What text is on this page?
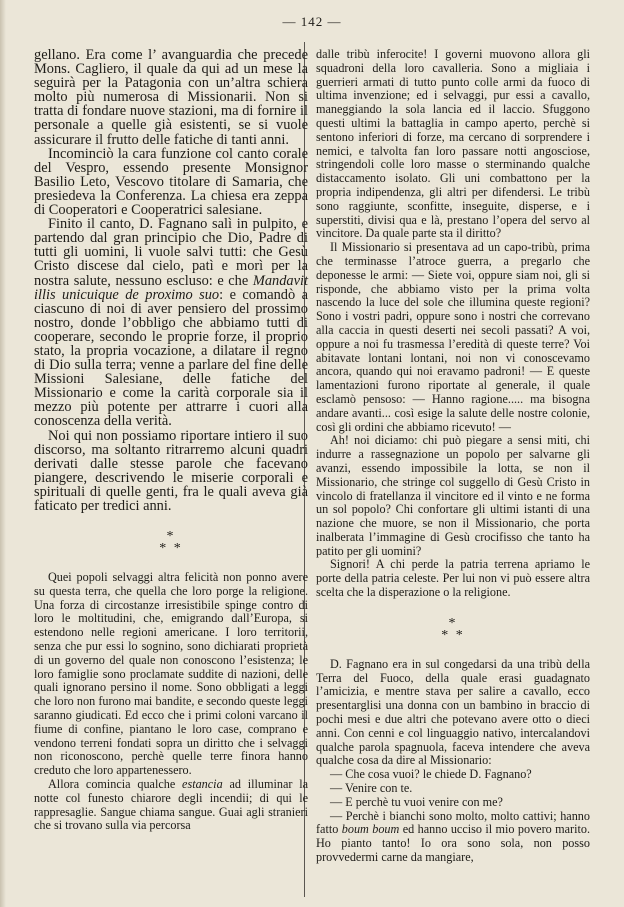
— 142 —

gellano. Era come l’ avanguardia che precede Mons. Cagliero, il quale da qui ad un mese la seguirà per la Patagonia con un’altra schiera molto più numerosa di Missionarii. Non si tratta di fondare nuove stazioni, ma di fornire il personale a quelle già esistenti, se si vuole assicurare il frutto delle fatiche di tanti anni.

Incominciò la cara funzione col canto corale del Vespro, essendo presente Monsignor Basilio Leto, Vescovo titolare di Samaria, che presiedeva la Conferenza. La chiesa era zeppa di Cooperatori e Cooperatrici salesiane.

Finito il canto, D. Fagnano salì in pulpito, e partendo dal gran principio che Dio, Padre di tutti gli uomini, li vuole salvi tutti: che Gesù Cristo discese dal cielo, patì e morì per la nostra salute, nessuno escluso: e che Mandavit illis unicuique de proximo suo: e comandò a ciascuno di noi di aver pensiero del prossimo nostro, donde l’obbligo che abbiamo tutti di cooperare, secondo le proprie forze, il proprio stato, la propria vocazione, a dilatare il regno di Dio sulla terra; venne a parlare del fine delle Missioni Salesiane, delle fatiche del Missionario e come la carità corporale sia il mezzo più potente per attrarre i cuori alla conoscenza della verità.

Noi qui non possiamo riportare intiero il suo discorso, ma soltanto ritrarremo alcuni quadri derivati dalle stesse parole che facevano piangere, descrivendo le miserie corporali e spirituali di quelle genti, fra le quali aveva già faticato per tredici anni.

*
* *

Quei popoli selvaggi altra felicità non ponno avere su questa terra, che quella che loro porge la religione. Una forza di circostanze irresistibile spinge contro di loro le moltitudini, che, emigrando dall’Europa, si estendono nelle regioni americane. I loro territorii, senza che pur essi lo sognino, sono dichiarati proprietà di un governo del quale non conoscono l’esistenza; le loro famiglie sono proclamate suddite di nazioni, delle quali ignorano persino il nome. Sono obbligati a leggi che loro non furono mai bandite, e secondo queste leggi saranno giudicati. Ed ecco che i primi coloni varcano il fiume di confine, piantano le loro case, comprano e vendono terreni fondati sopra un diritto che i selvaggi non riconoscono, perchè quelle terre finora hanno creduto che loro appartenessero.

Allora comincia qualche estancia ad illuminar la notte col funesto chiarore degli incendii; di qui le rappresaglie. Sangue chiama sangue. Guai agli stranieri che si trovano sulla via percorsa

dalle tribù inferocite! I governi muovono allora gli squadroni della loro cavalleria. Sono a migliaia i guerrieri armati di tutto punto colle armi da fuoco di ultima invenzione; ed i selvaggi, pur essi a cavallo, maneggiando la sola lancia ed il laccio. Sfuggono questi ultimi la battaglia in campo aperto, perchè si sentono inferiori di forze, ma cercano di sorprendere i nemici, e talvolta fan loro passare notti angosciose, stringendoli colle loro masse o sterminando qualche distaccamento isolato. Gli uni combattono per la propria indipendenza, gli altri per difendersi. Le tribù sono raggiunte, sconfitte, inseguite, disperse, e i superstiti, divisi qua e là, prestano l’opera del servo al vincitore. Da quale parte sta il diritto?

Il Missionario si presentava ad un capo-tribù, prima che terminasse l’atroce guerra, a pregarlo che deponesse le armi: — Siete voi, oppure siam noi, gli si risponde, che abbiamo visto per la prima volta nascendo la luce del sole che illumina queste regioni? Sono i vostri padri, oppure sono i nostri che correvano alla caccia in questi deserti nei secoli passati? A voi, oppure a noi fu trasmessa l’eredità di queste terre? Voi abitavate lontani lontani, noi non vi conoscevamo ancora, quando qui noi eravamo padroni! — E queste lamentazioni furono riportate al generale, il quale esclamò pensoso: — Hanno ragione..... ma bisogna andare avanti... così esige la salute delle nostre colonie, così gli ordini che abbiamo ricevuto! —

Ah! noi diciamo: chi può piegare a sensi miti, chi indurre a rassegnazione un popolo per salvarne gli avanzi, essendo impossibile la lotta, se non il Missionario, che stringe col suggello di Gesù Cristo in vincolo di fratellanza il vincitore ed il vinto e ne forma un sol popolo? Chi confortare gli ultimi istanti di una nazione che muore, se non il Missionario, che porta inalberata l’immagine di Gesù crocifisso che tanto ha patito per gli uomini?

Signori! A chi perde la patria terrena apriamo le porte della patria celeste. Per lui non vi può essere altra scelta che la disperazione o la religione.

*
* *

D. Fagnano era in sul congedarsi da una tribù della Terra del Fuoco, della quale erasi guadagnato l’amicizia, e mentre stava per salire a cavallo, ecco presentarglisi una donna con un bambino in braccio di pochi mesi e due altri che potevano avere otto o dieci anni. Con cenni e col linguaggio nativo, intercalandovi qualche parola spagnuola, faceva intendere che aveva qualche cosa da dire al Missionario:

— Che cosa vuoi? le chiede D. Fagnano?

— Venire con te.

— E perchè tu vuoi venire con me?

— Perchè i bianchi sono molto, molto cattivi; hanno fatto boum boum ed hanno ucciso il mio povero marito. Ho pianto tanto! Io ora sono sola, non posso provvedermi carne da mangiare,
